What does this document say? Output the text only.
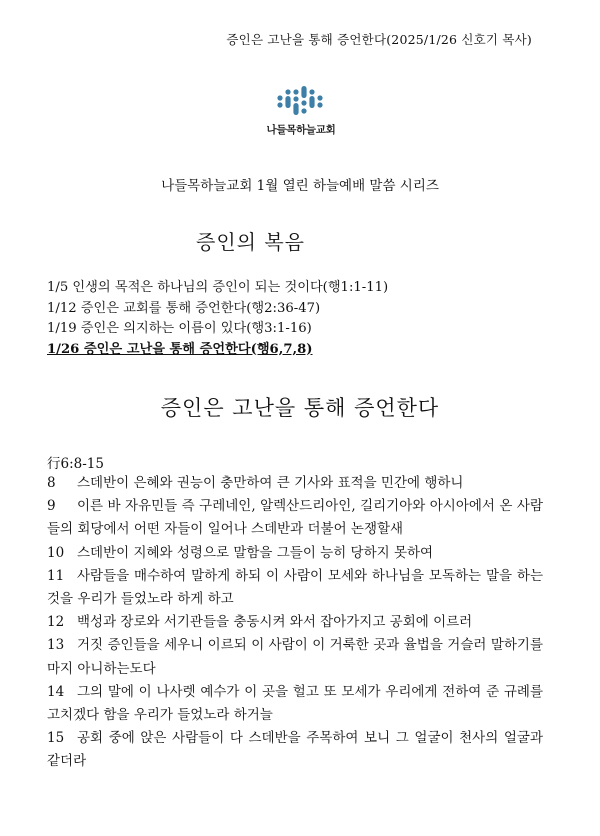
증인은 고난을 통해 증언한다(2025/1/26 신호기 목사)
나들목하늘교회
나들목하늘교회 1월 열린 하늘예배 말씀 시리즈
증인의 복음
1/5 인생의 목적은 하나님의 증인이 되는 것이다(행1:1-11)
1/12 증인은 교회를 통해 증언한다(행2:36-47)
1/19 증인은 의지하는 이름이 있다(행3:1-16)
1/26 증인은 고난을 통해 증언한다(행6,7,8)
증인은 고난을 통해 증언한다
行6:8-15
8 스데반이 은혜와 권능이 충만하여 큰 기사와 표적을 민간에 행하니
9 이른 바 자유민들 즉 구레네인, 알렉산드리아인, 길리기아와 아시아에서 온 사람들의 회당에서 어떤 자들이 일어나 스데반과 더불어 논쟁할새
10 스데반이 지혜와 성령으로 말함을 그들이 능히 당하지 못하여
11 사람들을 매수하여 말하게 하되 이 사람이 모세와 하나님을 모독하는 말을 하는 것을 우리가 들었노라 하게 하고
12 백성과 장로와 서기관들을 충동시켜 와서 잡아가지고 공회에 이르러
13 거짓 증인들을 세우니 이르되 이 사람이 이 거룩한 곳과 율법을 거슬러 말하기를 마지 아니하는도다
14 그의 말에 이 나사렛 예수가 이 곳을 헐고 또 모세가 우리에게 전하여 준 규례를 고치겠다 함을 우리가 들었노라 하거늘
15 공회 중에 앉은 사람들이 다 스데반을 주목하여 보니 그 얼굴이 천사의 얼굴과 같더라
